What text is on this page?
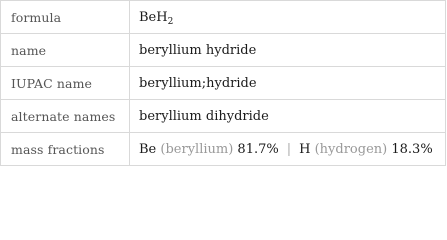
formula	BeH$_2$
name	beryllium hydride
IUPAC name	beryllium;hydride
alternate names	beryllium dihydride
mass fractions	Be (beryllium) 81.7% | H (hydrogen) 18.3%
